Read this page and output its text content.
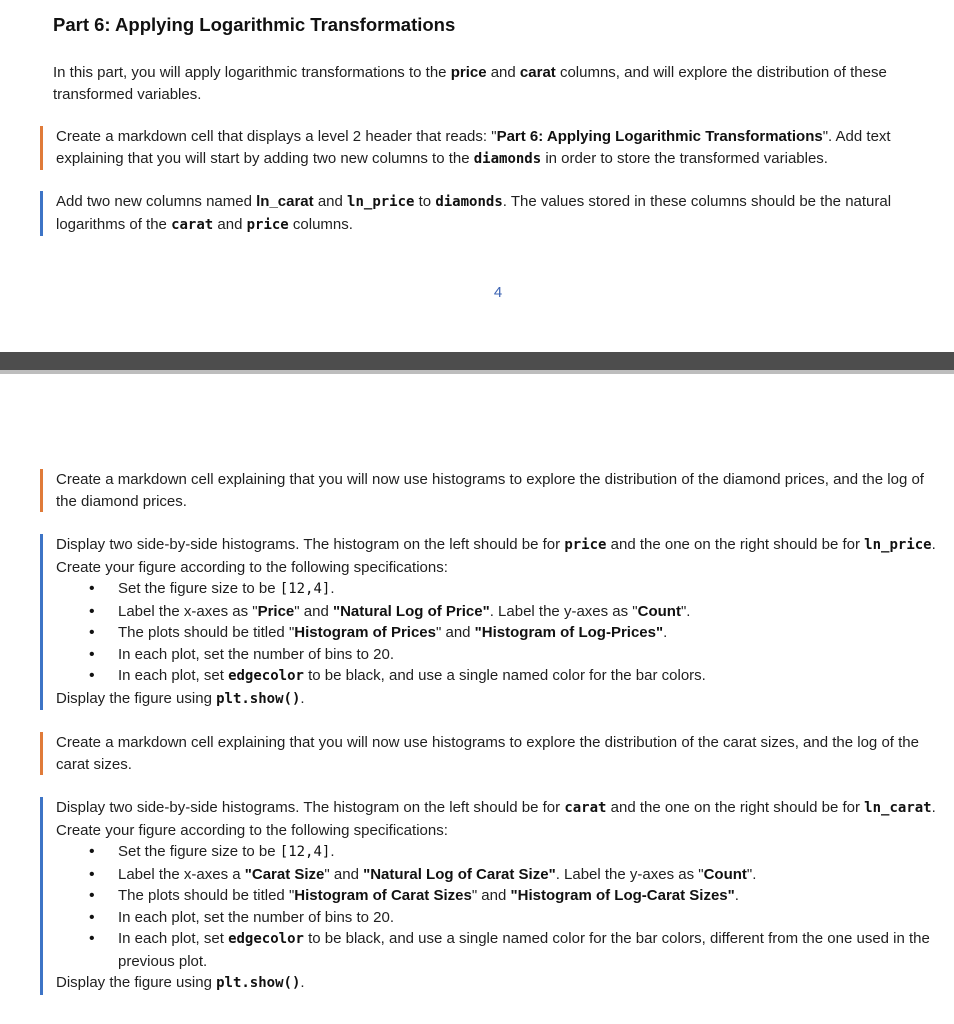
Part 6: Applying Logarithmic Transformations

In this part, you will apply logarithmic transformations to the price and carat columns, and will explore the distribution of these transformed variables.

Create a markdown cell that displays a level 2 header that reads: "Part 6: Applying Logarithmic Transformations". Add text explaining that you will start by adding two new columns to the diamonds in order to store the transformed variables.

Add two new columns named ln_carat and ln_price to diamonds. The values stored in these columns should be the natural logarithms of the carat and price columns.

4

Create a markdown cell explaining that you will now use histograms to explore the distribution of the diamond prices, and the log of the diamond prices.

Display two side-by-side histograms. The histogram on the left should be for price and the one on the right should be for ln_price. Create your figure according to the following specifications:

• Set the figure size to be [12,4].
• Label the x-axes as "Price" and "Natural Log of Price". Label the y-axes as "Count".
• The plots should be titled "Histogram of Prices" and "Histogram of Log-Prices".
• In each plot, set the number of bins to 20.
• In each plot, set edgecolor to be black, and use a single named color for the bar colors.

Display the figure using plt.show().

Create a markdown cell explaining that you will now use histograms to explore the distribution of the carat sizes, and the log of the carat sizes.

Display two side-by-side histograms. The histogram on the left should be for carat and the one on the right should be for ln_carat. Create your figure according to the following specifications:

• Set the figure size to be [12,4].
• Label the x-axes a "Carat Size" and "Natural Log of Carat Size". Label the y-axes as "Count".
• The plots should be titled "Histogram of Carat Sizes" and "Histogram of Log-Carat Sizes".
• In each plot, set the number of bins to 20.
• In each plot, set edgecolor to be black, and use a single named color for the bar colors, different from the one used in the previous plot.

Display the figure using plt.show().
